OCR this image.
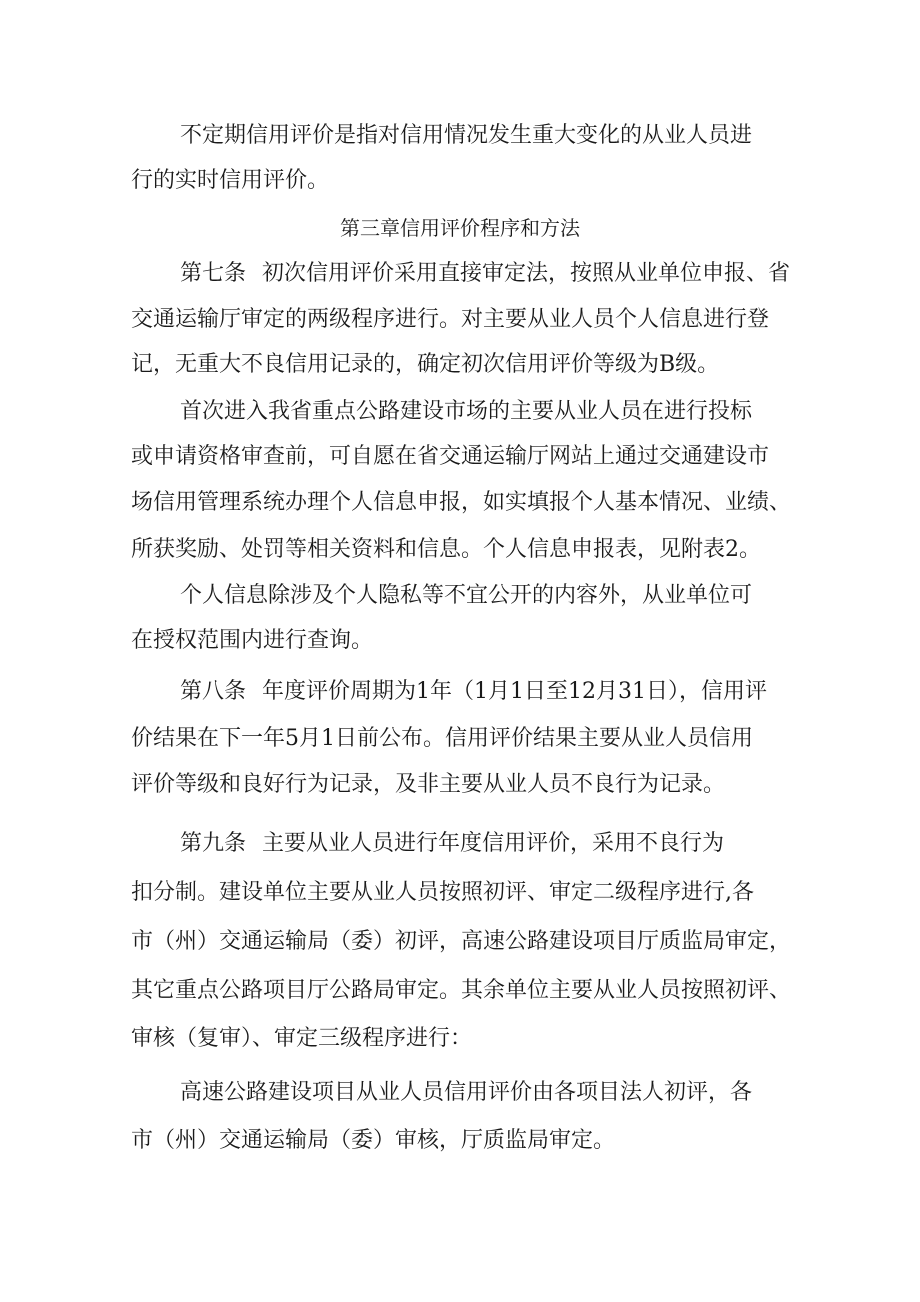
不定期信用评价是指对信用情况发生重大变化的从业人员进
行的实时信用评价。
第三章信用评价程序和方法
第七条 初次信用评价采用直接审定法，按照从业单位申报、省
交通运输厅审定的两级程序进行。对主要从业人员个人信息进行登
记，无重大不良信用记录的，确定初次信用评价等级为B级。
首次进入我省重点公路建设市场的主要从业人员在进行投标
或申请资格审查前，可自愿在省交通运输厅网站上通过交通建设市
场信用管理系统办理个人信息申报，如实填报个人基本情况、业绩、
所获奖励、处罚等相关资料和信息。个人信息申报表，见附表2。
个人信息除涉及个人隐私等不宜公开的内容外，从业单位可
在授权范围内进行查询。
第八条 年度评价周期为1年（1月1日至12月31日），信用评
价结果在下一年5月1日前公布。信用评价结果主要从业人员信用
评价等级和良好行为记录，及非主要从业人员不良行为记录。
第九条 主要从业人员进行年度信用评价，采用不良行为
扣分制。建设单位主要从业人员按照初评、审定二级程序进行,各
市（州）交通运输局（委）初评，高速公路建设项目厅质监局审定，
其它重点公路项目厅公路局审定。其余单位主要从业人员按照初评、
审核（复审）、审定三级程序进行：
高速公路建设项目从业人员信用评价由各项目法人初评，各
市（州）交通运输局（委）审核，厅质监局审定。
